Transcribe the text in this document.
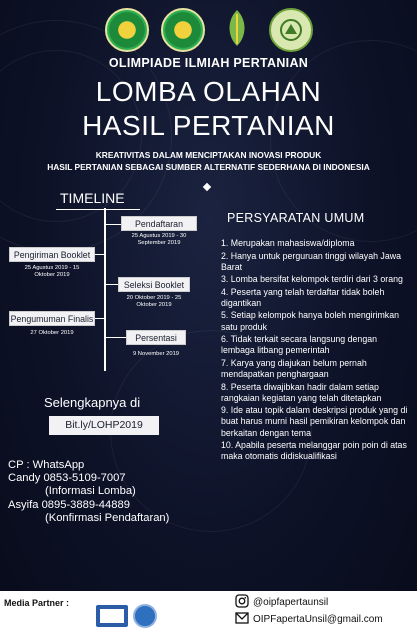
OLIMPIADE ILMIAH PERTANIAN
LOMBA OLAHAN
HASIL PERTANIAN
KREATIVITAS DALAM MENCIPTAKAN INOVASI PRODUK
HASIL PERTANIAN SEBAGAI SUMBER ALTERNATIF SEDERHANA DI INDONESIA
TIMELINE
Pendaftaran
25 Agustus 2019 - 30
September 2019
Pengiriman Booklet
25 Agustus 2019 - 15
Oktober 2019
Seleksi Booklet
20 Oktober 2019 - 25
Oktober 2019
Pengumuman Finalis
27 Oktober 2019	Persentasi
9 November 2019
PERSYARATAN UMUM
1. Merupakan mahasiswa/diploma
2. Hanya untuk perguruan tinggi wilayah Jawa Barat
3. Lomba bersifat kelompok terdiri dari 3 orang
4. Peserta yang telah terdaftar tidak boleh digantikan
5. Setiap kelompok hanya boleh mengirimkan satu produk
6. Tidak terkait secara langsung dengan lembaga litbang pemerintah
7. Karya yang diajukan belum pernah mendapatkan penghargaan
8. Peserta diwajibkan hadir dalam setiap rangkaian kegiatan yang telah ditetapkan
9. Ide atau topik dalam deskripsi produk yang di buat harus murni hasil pemikiran kelompok dan berkaitan dengan tema
10. Apabila peserta melanggar poin poin di atas maka otomatis didiskualifikasi
Selengkapnya di
Bit.ly/LOHP2019
CP : WhatsApp
Candy 0853-5109-7007
(Informasi Lomba)
Asyifa 0895-3889-44889
(Konfirmasi Pendaftaran)
Media Partner :	@oipfapertaunsil
OIPFapertaUnsil@gmail.com
